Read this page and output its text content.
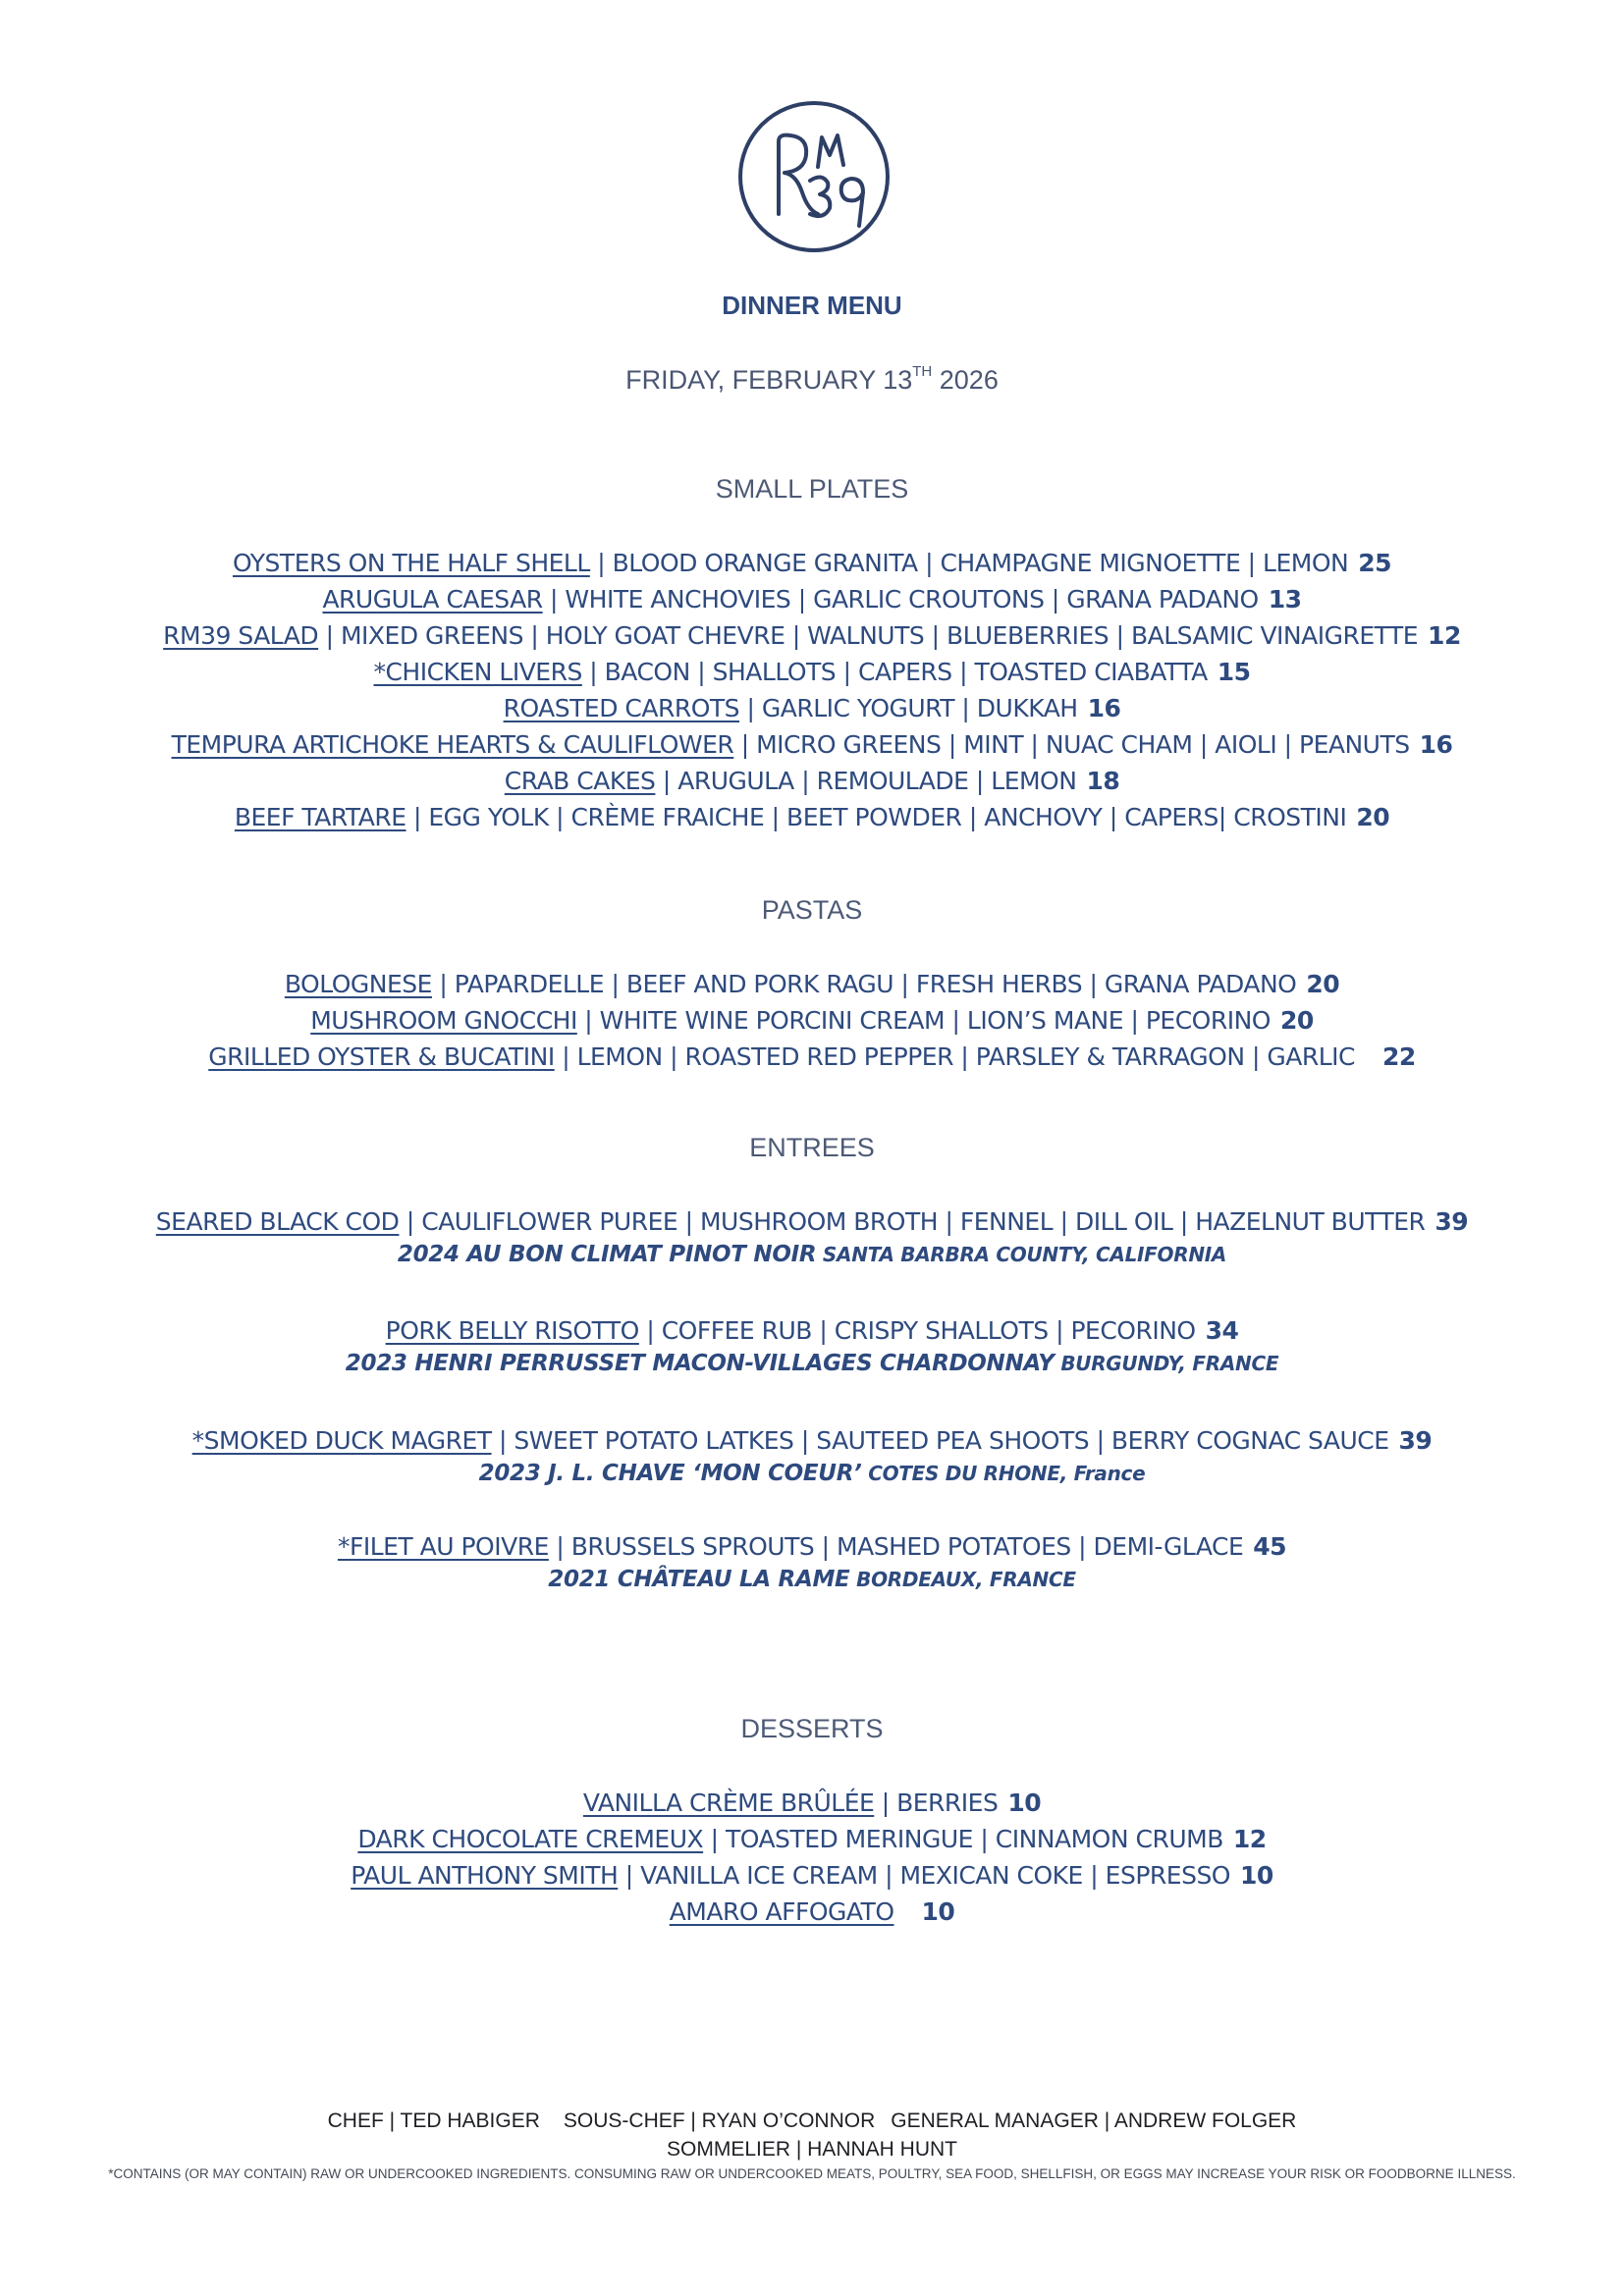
DINNER MENU
FRIDAY, FEBRUARY 13TH 2026
SMALL PLATES
OYSTERS ON THE HALF SHELL | BLOOD ORANGE GRANITA | CHAMPAGNE MIGNOETTE | LEMON 25
ARUGULA CAESAR | WHITE ANCHOVIES | GARLIC CROUTONS | GRANA PADANO 13
RM39 SALAD | MIXED GREENS | HOLY GOAT CHEVRE | WALNUTS | BLUEBERRIES | BALSAMIC VINAIGRETTE 12
*CHICKEN LIVERS | BACON | SHALLOTS | CAPERS | TOASTED CIABATTA 15
ROASTED CARROTS | GARLIC YOGURT | DUKKAH 16
TEMPURA ARTICHOKE HEARTS & CAULIFLOWER | MICRO GREENS | MINT | NUAC CHAM | AIOLI | PEANUTS 16
CRAB CAKES | ARUGULA | REMOULADE | LEMON 18
BEEF TARTARE | EGG YOLK | CRÈME FRAICHE | BEET POWDER | ANCHOVY | CAPERS| CROSTINI 20
PASTAS
BOLOGNESE | PAPARDELLE | BEEF AND PORK RAGU | FRESH HERBS | GRANA PADANO 20
MUSHROOM GNOCCHI | WHITE WINE PORCINI CREAM | LION’S MANE | PECORINO 20
GRILLED OYSTER & BUCATINI | LEMON | ROASTED RED PEPPER | PARSLEY & TARRAGON | GARLIC 22
ENTREES
SEARED BLACK COD | CAULIFLOWER PUREE | MUSHROOM BROTH | FENNEL | DILL OIL | HAZELNUT BUTTER 39
2024 AU BON CLIMAT PINOT NOIR SANTA BARBRA COUNTY, CALIFORNIA
PORK BELLY RISOTTO | COFFEE RUB | CRISPY SHALLOTS | PECORINO 34
2023 HENRI PERRUSSET MACON-VILLAGES CHARDONNAY BURGUNDY, FRANCE
*SMOKED DUCK MAGRET | SWEET POTATO LATKES | SAUTEED PEA SHOOTS | BERRY COGNAC SAUCE 39
2023 J. L. CHAVE ‘MON COEUR’ COTES DU RHONE, France
*FILET AU POIVRE | BRUSSELS SPROUTS | MASHED POTATOES | DEMI-GLACE 45
2021 CHÂTEAU LA RAME BORDEAUX, FRANCE
DESSERTS
VANILLA CRÈME BRÛLÉE | BERRIES 10
DARK CHOCOLATE CREMEUX | TOASTED MERINGUE | CINNAMON CRUMB 12
PAUL ANTHONY SMITH | VANILLA ICE CREAM | MEXICAN COKE | ESPRESSO 10
AMARO AFFOGATO 10
CHEF | TED HABIGER SOUS-CHEF | RYAN O’CONNOR GENERAL MANAGER | ANDREW FOLGER
SOMMELIER | HANNAH HUNT
*CONTAINS (OR MAY CONTAIN) RAW OR UNDERCOOKED INGREDIENTS. CONSUMING RAW OR UNDERCOOKED MEATS, POULTRY, SEA FOOD, SHELLFISH, OR EGGS MAY INCREASE YOUR RISK OR FOODBORNE ILLNESS.
